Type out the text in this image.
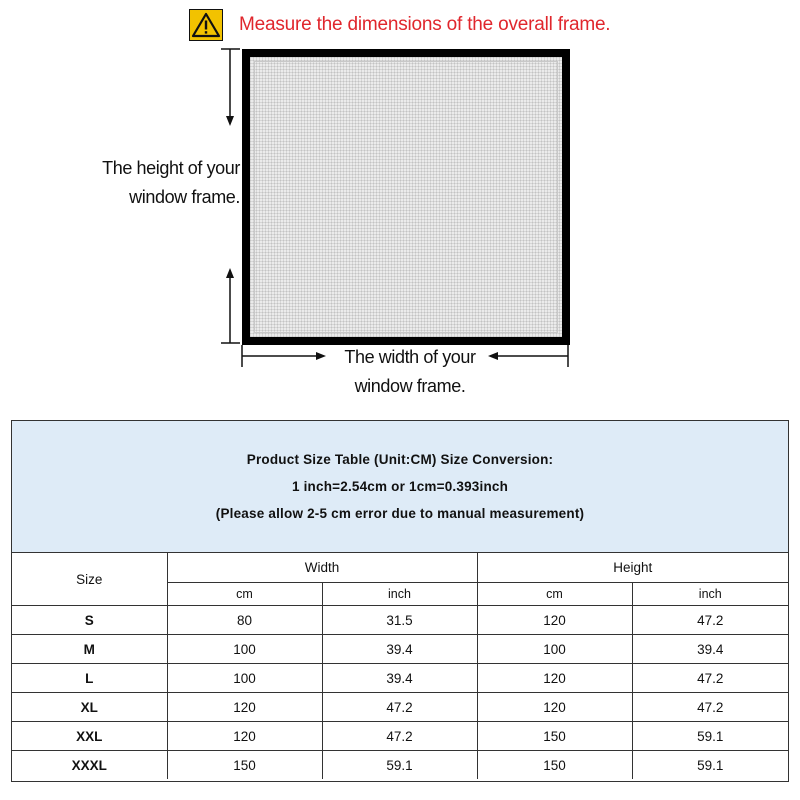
Measure the dimensions of the overall frame.
The height of your
window frame.
The width of your
window frame.
Product Size Table (Unit:CM) Size Conversion:
1 inch=2.54cm or 1cm=0.393inch
(Please allow 2-5 cm error due to manual measurement)
Size	Width		Height	
	cm	inch	cm	inch
S	80	31.5	120	47.2
M	100	39.4	100	39.4
L	100	39.4	120	47.2
XL	120	47.2	120	47.2
XXL	120	47.2	150	59.1
XXXL	150	59.1	150	59.1
